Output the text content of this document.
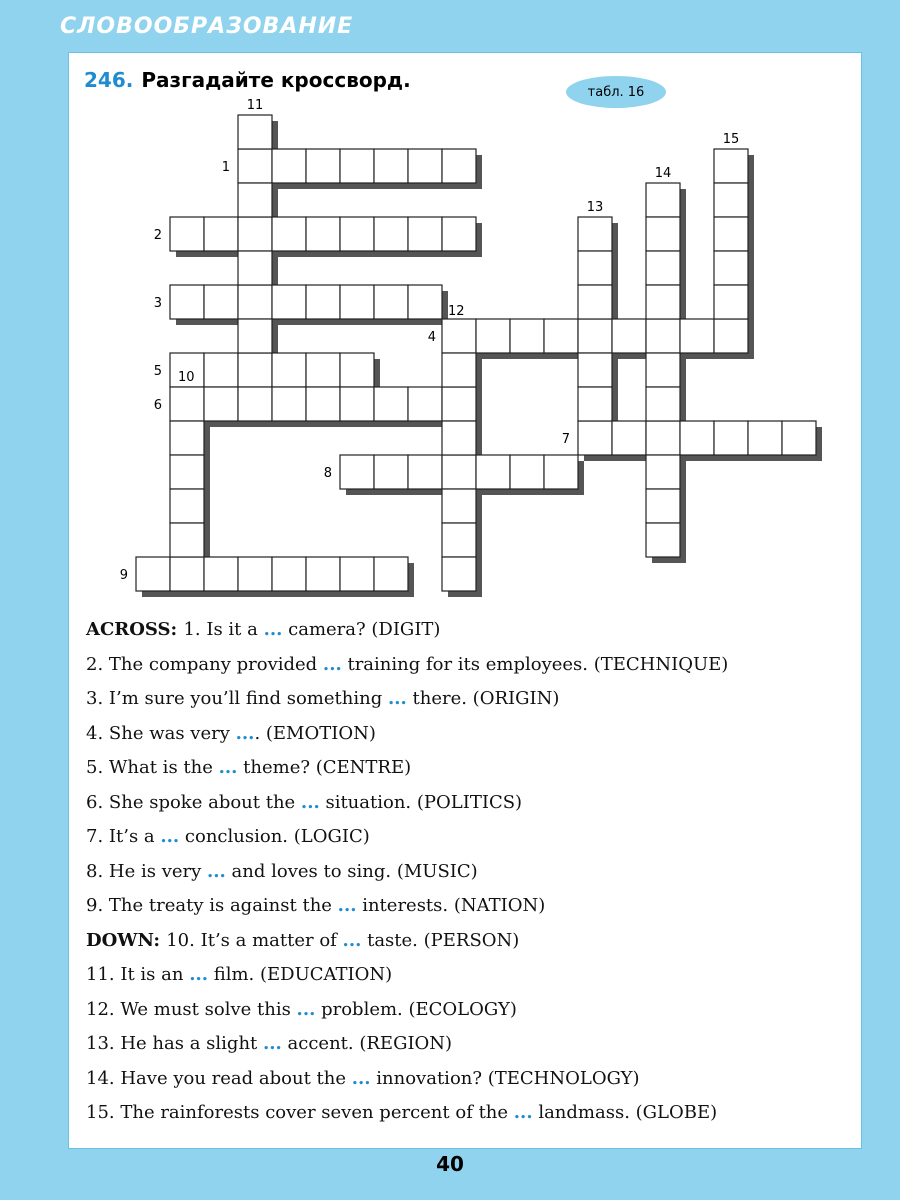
СЛОВООБРАЗОВАНИЕ
246. Разгадайте кроссворд.	табл. 16
1
2
3
4
5
6
7
8
9
10
11
12
13
14
15
ACROSS: 1. Is it a ... camera? (DIGIT)
2. The company provided ... training for its employees. (TECHNIQUE)
3. I’m sure you’ll find something ... there. (ORIGIN)
4. She was very .... (EMOTION)
5. What is the ... theme? (CENTRE)
6. She spoke about the ... situation. (POLITICS)
7. It’s a ... conclusion. (LOGIC)
8. He is very ... and loves to sing. (MUSIC)
9. The treaty is against the ... interests. (NATION)
DOWN: 10. It’s a matter of ... taste. (PERSON)
11. It is an ... film. (EDUCATION)
12. We must solve this ... problem. (ECOLOGY)
13. He has a slight ... accent. (REGION)
14. Have you read about the ... innovation? (TECHNOLOGY)
15. The rainforests cover seven percent of the ... landmass. (GLOBE)
40
